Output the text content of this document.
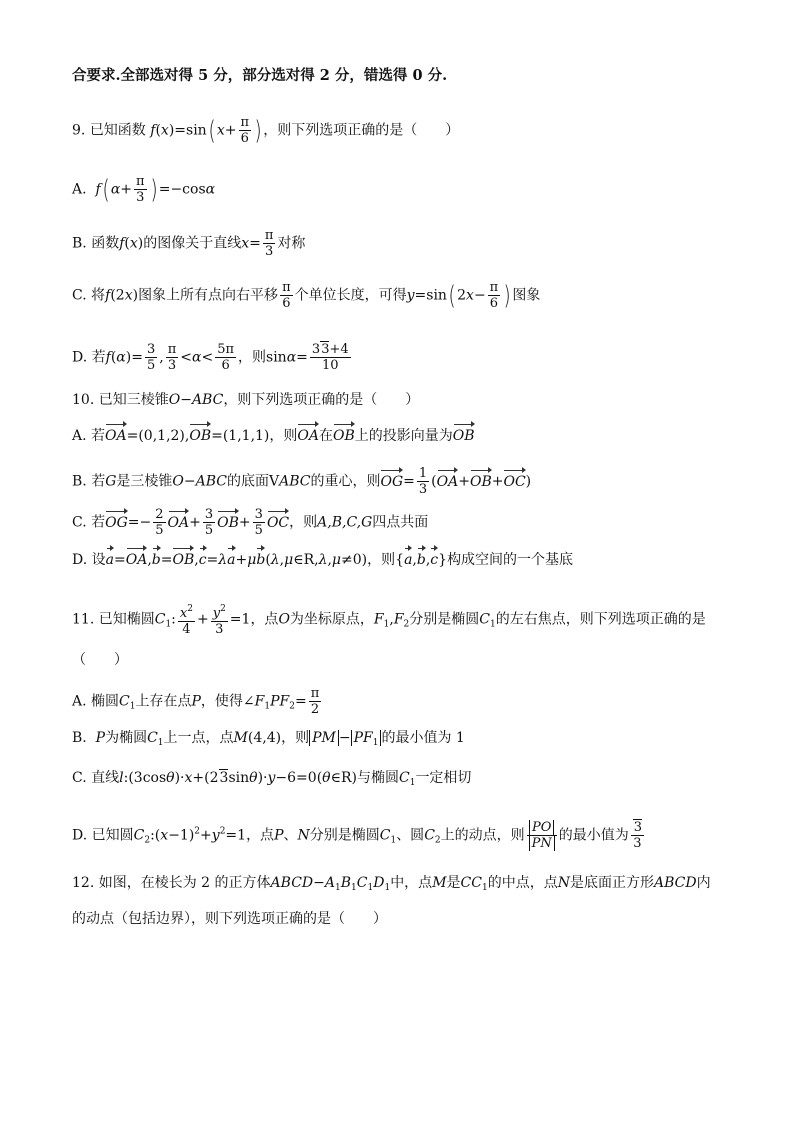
合要求.全部选对得 5 分，部分选对得 2 分，错选得 0 分.
9. 已知函数 f(x)=sin( $x+ \frac{\pi}{6}$ ) ，则下列选项正确的是（　　）
A. f( $\alpha+ \frac{\pi}{3}$ ) =−cosα
B. 函数f(x)的图像关于直线$x= \frac{\pi}{3}$ 对称
C. 将f(2x)图象上所有点向右平移 $\frac{\pi}{6}$ 个单位长度，可得y=sin( $2x- \frac{\pi}{6}$ ) 图象
D. 若$f(\alpha)= \frac{3}{5}$ , $\frac{\pi}{3} <\alpha< \frac{5\pi}{6}$ ，则$\sin\alpha= \frac{33+4}{10}$
10. 已知三棱锥O−ABC，则下列选项正确的是（　　）
A. 若OA=(0,1,2),OB=(1,1,1)，则OA在OB上的投影向量为OB
B. 若G是三棱锥O−ABC的底面VABC的重心，则$OG= \frac{1}{3} (OA+OB+OC)$
C. 若$OG=- \frac{2}{5} OA+ \frac{3}{5} OB+ \frac{3}{5}$ OC，则A,B,C,G四点共面
D. 设a=OA,b=OB,c=λa+μb(λ,μ∈R,λ,μ≠0)，则{a,b,c}构成空间的一个基底
11. 已知椭圆$C_1$: $\frac{x^2}{4} + \frac{y^2}{3} =1$，点O为坐标原点，$F_1,F_2$分别是椭圆$C_1$的左右焦点，则下列选项正确的是
（　　）
A. 椭圆$C_1$上存在点P，使得$\angle F_1PF_2= \frac{\pi}{2}$
B. P为椭圆$C_1$上一点，点M(4,4)，则 PM − $PF_1$ 的最小值为 1
C. 直线l:(3cosθ)·x+(23sinθ)·y−6=0(θ∈R)与椭圆$C_1$一定相切
D. 已知圆$C_2:(x-1)^2+y^2=1$，点P、N分别是椭圆$C_1$、圆$C_2$上的动点，则 $\frac{PO}{PN}$ 的最小值为 $\frac{3}{3}$
12. 如图，在棱长为 2 的正方体$ABCD-A_1B_1C_1D_1$中，点M是$CC_1$的中点，点N是底面正方形ABCD内
的动点（包括边界），则下列选项正确的是（　　）
